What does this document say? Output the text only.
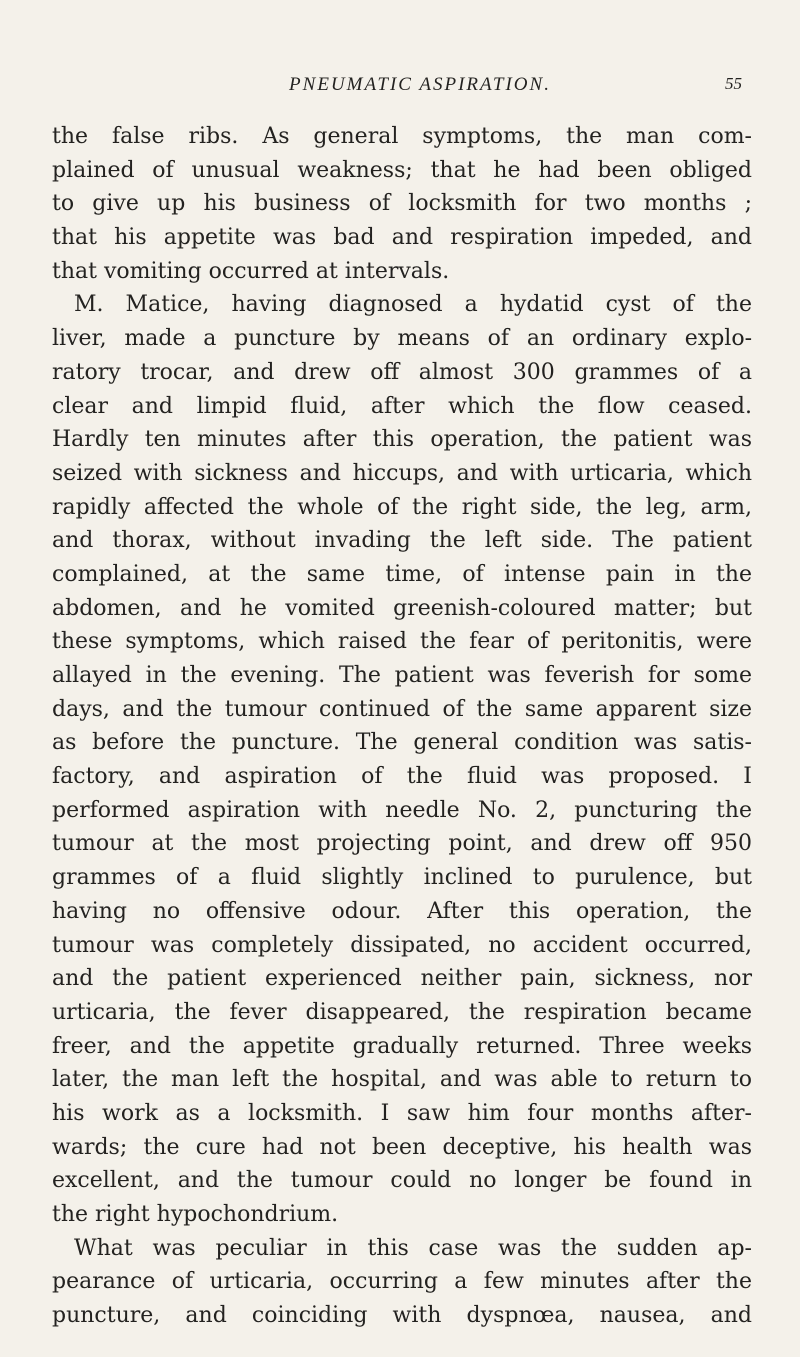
PNEUMATIC ASPIRATION.	55
the false ribs. As general symptoms, the man com-
plained of unusual weakness; that he had been obliged
to give up his business of locksmith for two months ;
that his appetite was bad and respiration impeded, and
that vomiting occurred at intervals.
M. Matice, having diagnosed a hydatid cyst of the
liver, made a puncture by means of an ordinary explo-
ratory trocar, and drew off almost 300 grammes of a
clear and limpid fluid, after which the flow ceased.
Hardly ten minutes after this operation, the patient was
seized with sickness and hiccups, and with urticaria, which
rapidly affected the whole of the right side, the leg, arm,
and thorax, without invading the left side. The patient
complained, at the same time, of intense pain in the
abdomen, and he vomited greenish-coloured matter; but
these symptoms, which raised the fear of peritonitis, were
allayed in the evening. The patient was feverish for some
days, and the tumour continued of the same apparent size
as before the puncture. The general condition was satis-
factory, and aspiration of the fluid was proposed. I
performed aspiration with needle No. 2, puncturing the
tumour at the most projecting point, and drew off 950
grammes of a fluid slightly inclined to purulence, but
having no offensive odour. After this operation, the
tumour was completely dissipated, no accident occurred,
and the patient experienced neither pain, sickness, nor
urticaria, the fever disappeared, the respiration became
freer, and the appetite gradually returned. Three weeks
later, the man left the hospital, and was able to return to
his work as a locksmith. I saw him four months after-
wards; the cure had not been deceptive, his health was
excellent, and the tumour could no longer be found in
the right hypochondrium.
What was peculiar in this case was the sudden ap-
pearance of urticaria, occurring a few minutes after the
puncture, and coinciding with dyspnœa, nausea, and
